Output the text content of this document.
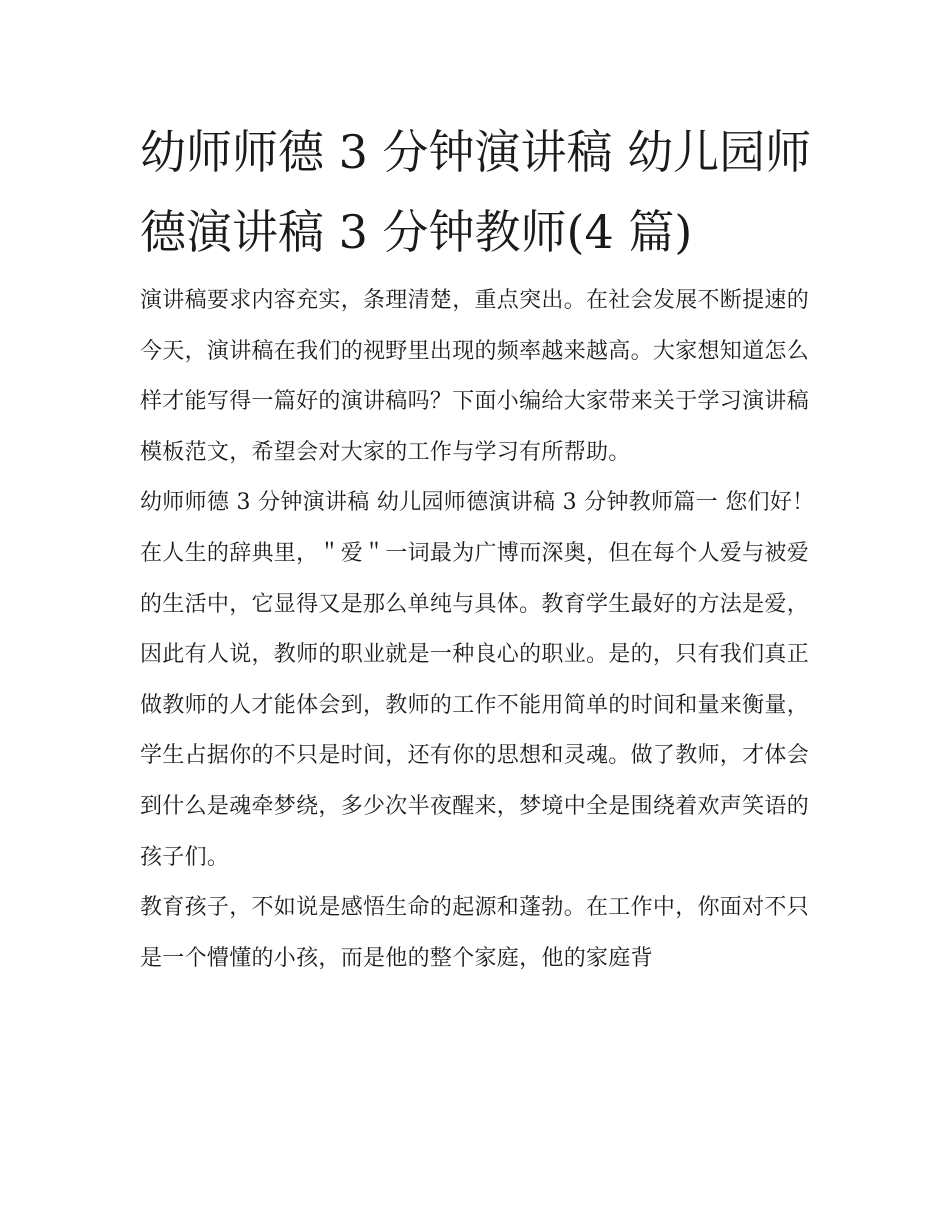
幼师师德 3 分钟演讲稿 幼儿园师德演讲稿 3 分钟教师(4 篇)

演讲稿要求内容充实，条理清楚，重点突出。在社会发展不断提速的今天，演讲稿在我们的视野里出现的频率越来越高。大家想知道怎么样才能写得一篇好的演讲稿吗？下面小编给大家带来关于学习演讲稿模板范文，希望会对大家的工作与学习有所帮助。

幼师师德 3 分钟演讲稿 幼儿园师德演讲稿 3 分钟教师篇一 您们好！

在人生的辞典里，＂爱＂一词最为广博而深奥，但在每个人爱与被爱的生活中，它显得又是那么单纯与具体。教育学生最好的方法是爱，因此有人说，教师的职业就是一种良心的职业。是的，只有我们真正做教师的人才能体会到，教师的工作不能用简单的时间和量来衡量，学生占据你的不只是时间，还有你的思想和灵魂。做了教师，才体会到什么是魂牵梦绕，多少次半夜醒来，梦境中全是围绕着欢声笑语的孩子们。

教育孩子，不如说是感悟生命的起源和蓬勃。在工作中，你面对不只是一个懵懂的小孩，而是他的整个家庭，他的家庭背
